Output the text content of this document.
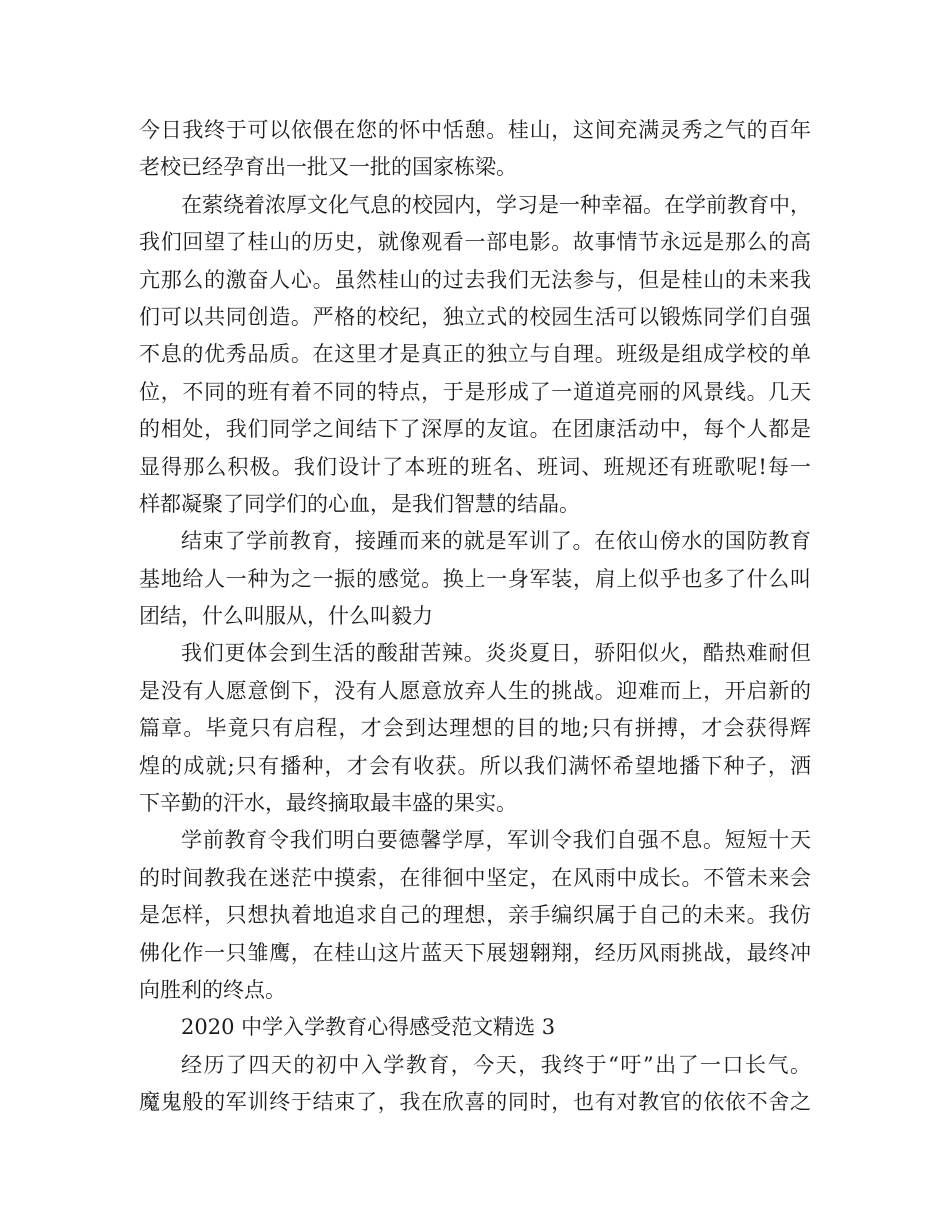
今日我终于可以依偎在您的怀中恬憩。桂山，这间充满灵秀之气的百年
老校已经孕育出一批又一批的国家栋梁。
在萦绕着浓厚文化气息的校园内，学习是一种幸福。在学前教育中，
我们回望了桂山的历史，就像观看一部电影。故事情节永远是那么的高
亢那么的激奋人心。虽然桂山的过去我们无法参与，但是桂山的未来我
们可以共同创造。严格的校纪，独立式的校园生活可以锻炼同学们自强
不息的优秀品质。在这里才是真正的独立与自理。班级是组成学校的单
位，不同的班有着不同的特点，于是形成了一道道亮丽的风景线。几天
的相处，我们同学之间结下了深厚的友谊。在团康活动中，每个人都是
显得那么积极。我们设计了本班的班名、班词、班规还有班歌呢!每一
样都凝聚了同学们的心血，是我们智慧的结晶。
结束了学前教育，接踵而来的就是军训了。在依山傍水的国防教育
基地给人一种为之一振的感觉。换上一身军装，肩上似乎也多了什么叫
团结，什么叫服从，什么叫毅力
我们更体会到生活的酸甜苦辣。炎炎夏日，骄阳似火，酷热难耐但
是没有人愿意倒下，没有人愿意放弃人生的挑战。迎难而上，开启新的
篇章。毕竟只有启程，才会到达理想的目的地;只有拼搏，才会获得辉
煌的成就;只有播种，才会有收获。所以我们满怀希望地播下种子，洒
下辛勤的汗水，最终摘取最丰盛的果实。
学前教育令我们明白要德馨学厚，军训令我们自强不息。短短十天
的时间教我在迷茫中摸索，在徘徊中坚定，在风雨中成长。不管未来会
是怎样，只想执着地追求自己的理想，亲手编织属于自己的未来。我仿
佛化作一只雏鹰，在桂山这片蓝天下展翅翱翔，经历风雨挑战，最终冲
向胜利的终点。
2020 中学入学教育心得感受范文精选 3
经历了四天的初中入学教育，今天，我终于“吁”出了一口长气。
魔鬼般的军训终于结束了，我在欣喜的同时，也有对教官的依依不舍之
